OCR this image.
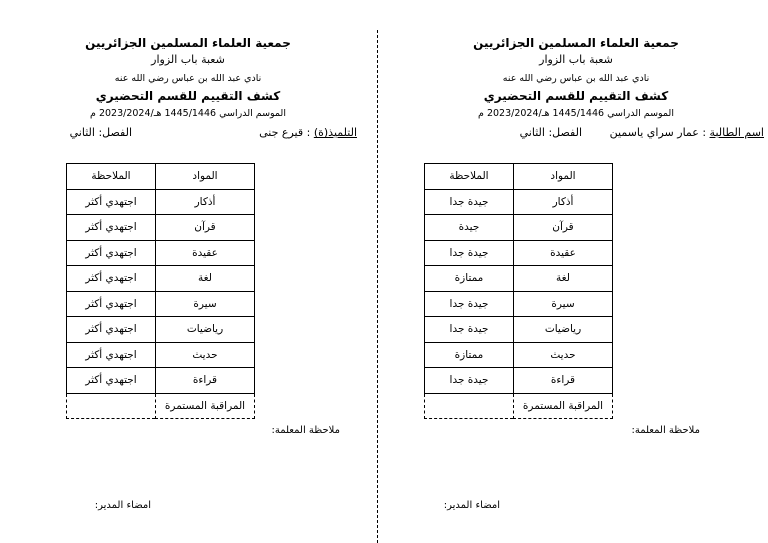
جمعية العلماء المسلمين الجزائريين
شعبة باب الزوار
نادي عبد الله بن عباس رضي الله عنه
كشف التقييم للقسم التحضيري
الموسم الدراسي 1445/1446 هـ/2023/2024 م
اسم الطالبة : عمار سراي ياسمين
الفصل: الثاني
المواد	الملاحظة
أذكار	جيدة جدا
قرآن	جيدة
عقيدة	جيدة جدا
لغة	ممتازة
سيرة	جيدة جدا
رياضيات	جيدة جدا
حديث	ممتازة
قراءة	جيدة جدا
المراقبة المستمرة	
ملاحظة المعلمة:
امضاء المدير:
جمعية العلماء المسلمين الجزائريين
شعبة باب الزوار
نادي عبد الله بن عباس رضي الله عنه
كشف التقييم للقسم التحضيري
الموسم الدراسي 1445/1446 هـ/2023/2024 م
التلميذ(ة) : قيرع جنى
الفصل: الثاني
المواد	الملاحظة
أذكار	اجتهدي أكثر
قرآن	اجتهدي أكثر
عقيدة	اجتهدي أكثر
لغة	اجتهدي أكثر
سيرة	اجتهدي أكثر
رياضيات	اجتهدي أكثر
حديث	اجتهدي أكثر
قراءة	اجتهدي أكثر
المراقبة المستمرة	
ملاحظة المعلمة:
امضاء المدير:
